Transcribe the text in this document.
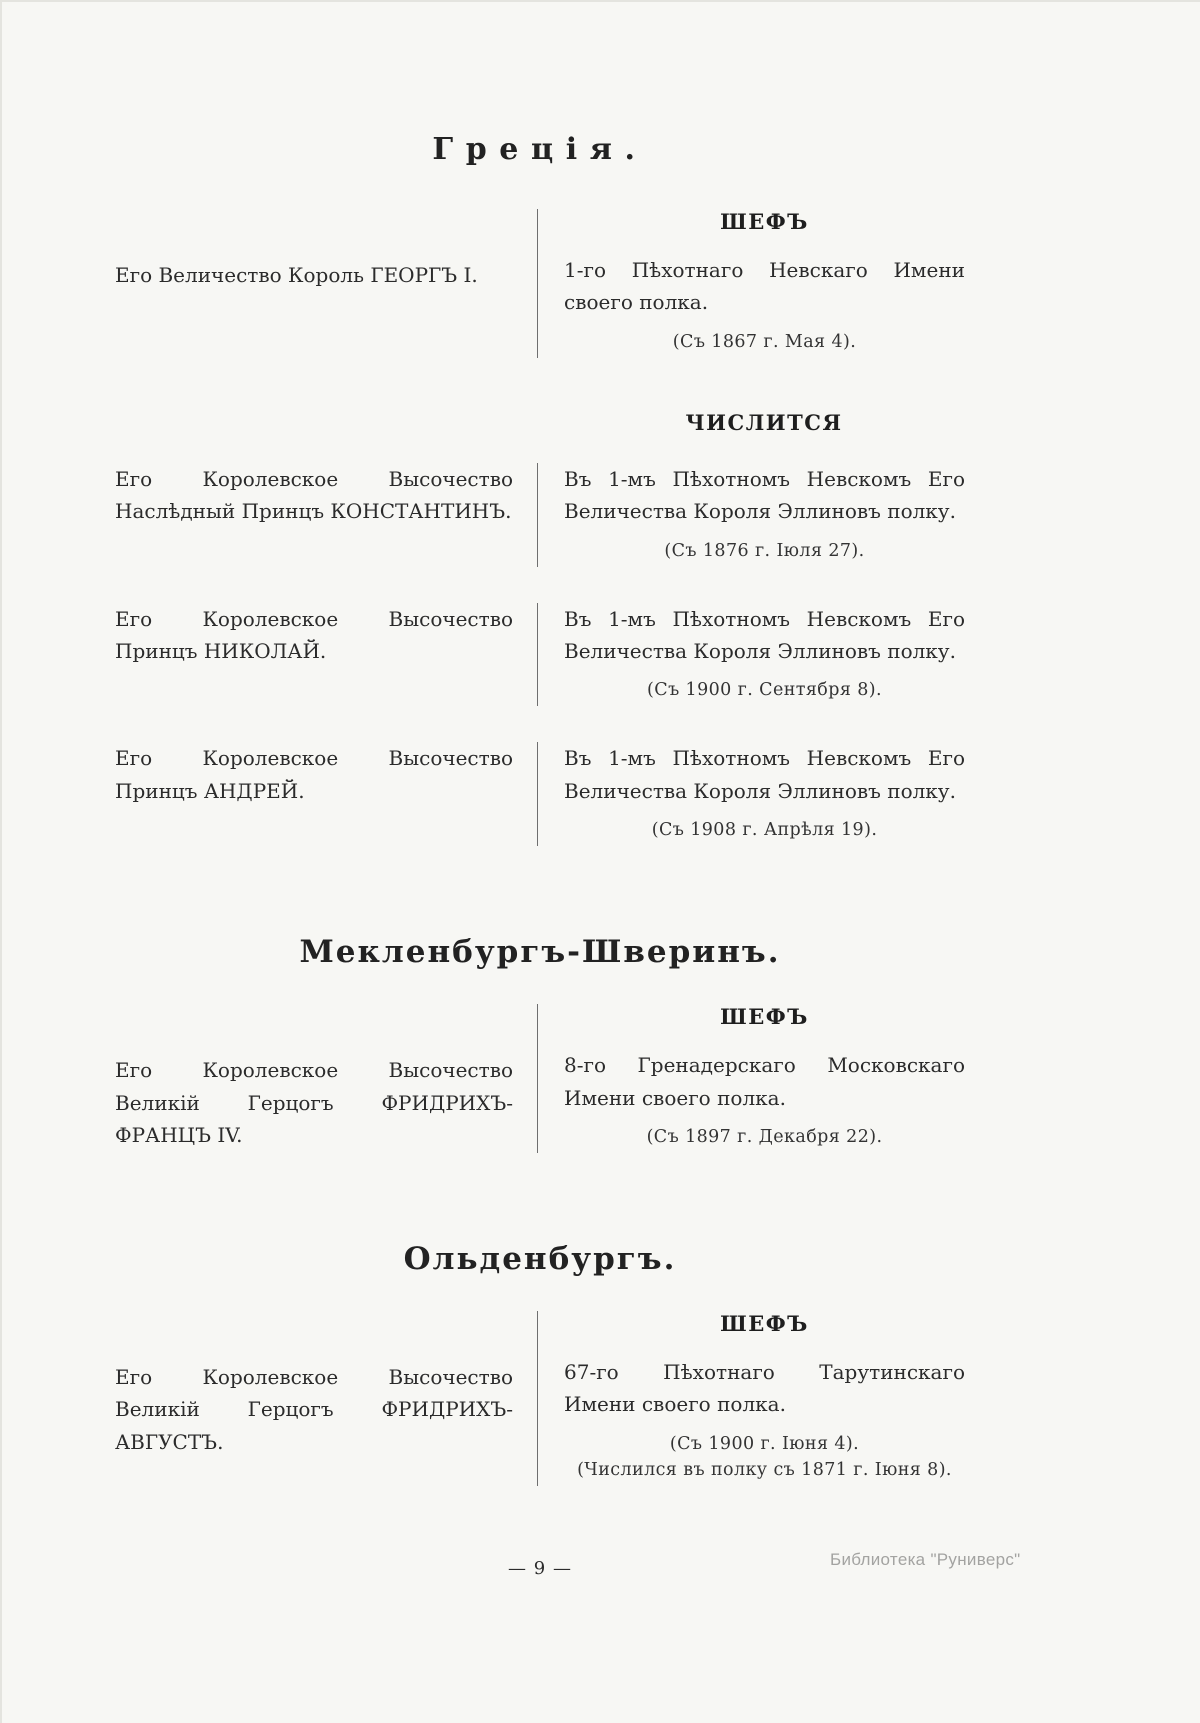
Греція.

Его Величество Король ГЕОРГЪ I.

ШЕФЪ

1-го Пѣхотнаго Невскаго Имени своего полка.

(Съ 1867 г. Мая 4).

ЧИСЛИТСЯ

Его Королевское Высочество Наслѣдный Принцъ КОНСТАНТИНЪ.

Въ 1-мъ Пѣхотномъ Невскомъ Его Величества Короля Эллиновъ полку.

(Съ 1876 г. Іюля 27).

Его Королевское Высочество Принцъ НИКОЛАЙ.

Въ 1-мъ Пѣхотномъ Невскомъ Его Величества Короля Эллиновъ полку.

(Съ 1900 г. Сентября 8).

Его Королевское Высочество Принцъ АНДРЕЙ.

Въ 1-мъ Пѣхотномъ Невскомъ Его Величества Короля Эллиновъ полку.

(Съ 1908 г. Апрѣля 19).

Мекленбургъ-Шверинъ.

Его Королевское Высочество Великій Герцогъ ФРИДРИХЪ-ФРАНЦЪ IV.

ШЕФЪ

8-го Гренадерскаго Московскаго Имени своего полка.

(Съ 1897 г. Декабря 22).

Ольденбургъ.

Его Королевское Высочество Великій Герцогъ ФРИДРИХЪ-АВГУСТЪ.

ШЕФЪ

67-го Пѣхотнаго Тарутинскаго Имени своего полка.

(Съ 1900 г. Іюня 4).

(Числился въ полку съ 1871 г. Іюня 8).

— 9 —	Библиотека "Руниверс"
